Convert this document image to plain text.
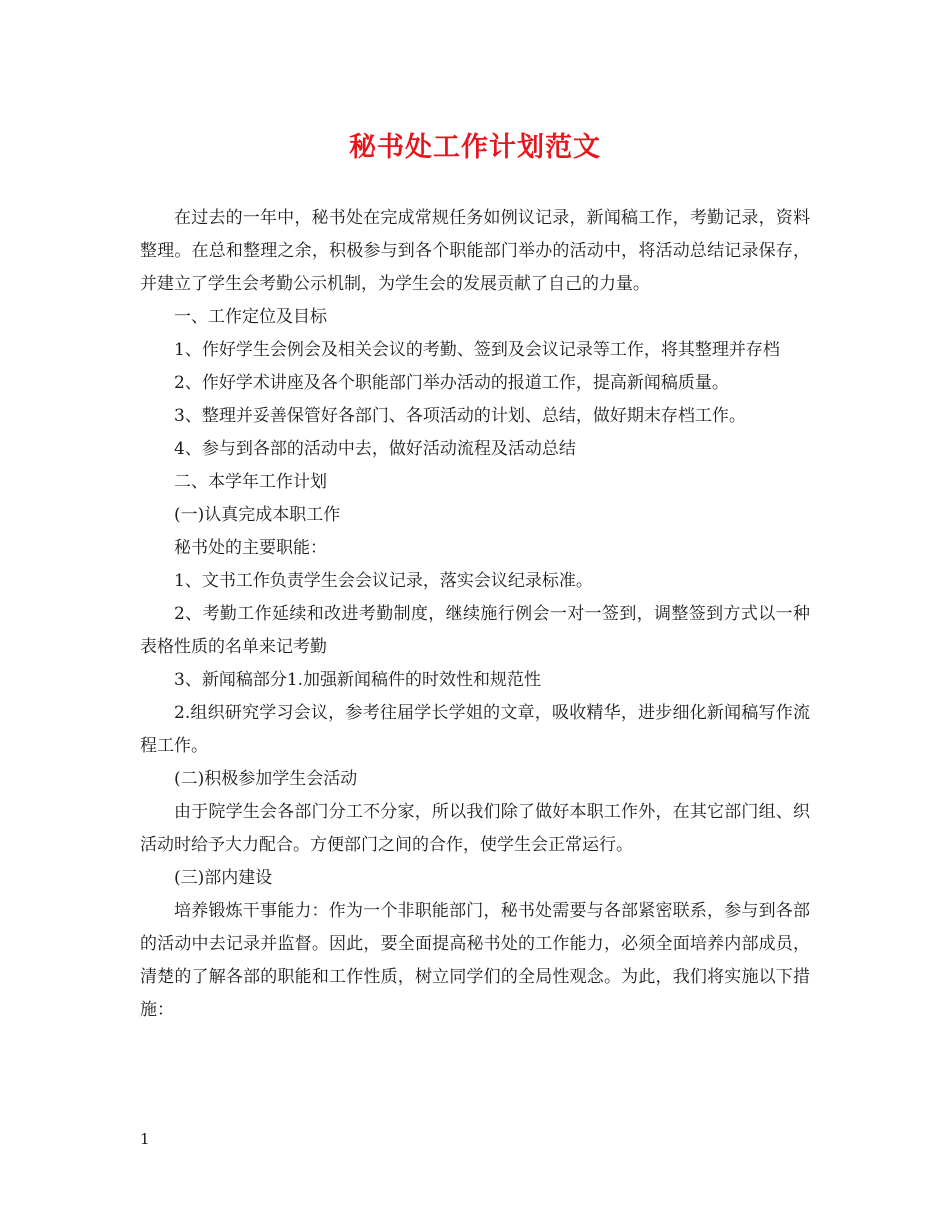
秘书处工作计划范文

在过去的一年中，秘书处在完成常规任务如例议记录，新闻稿工作，考勤记录，资料整理。在总和整理之余，积极参与到各个职能部门举办的活动中，将活动总结记录保存，并建立了学生会考勤公示机制，为学生会的发展贡献了自己的力量。

一、工作定位及目标

1、作好学生会例会及相关会议的考勤、签到及会议记录等工作，将其整理并存档

2、作好学术讲座及各个职能部门举办活动的报道工作，提高新闻稿质量。

3、整理并妥善保管好各部门、各项活动的计划、总结，做好期末存档工作。

4、参与到各部的活动中去，做好活动流程及活动总结

二、本学年工作计划

(一)认真完成本职工作

秘书处的主要职能：

1、文书工作负责学生会会议记录，落实会议纪录标准。

2、考勤工作延续和改进考勤制度，继续施行例会一对一签到，调整签到方式以一种表格性质的名单来记考勤

3、新闻稿部分1.加强新闻稿件的时效性和规范性

2.组织研究学习会议，参考往届学长学姐的文章，吸收精华，进步细化新闻稿写作流程工作。

(二)积极参加学生会活动

由于院学生会各部门分工不分家，所以我们除了做好本职工作外，在其它部门组、织活动时给予大力配合。方便部门之间的合作，使学生会正常运行。

(三)部内建设

培养锻炼干事能力：作为一个非职能部门，秘书处需要与各部紧密联系，参与到各部的活动中去记录并监督。因此，要全面提高秘书处的工作能力，必须全面培养内部成员，清楚的了解各部的职能和工作性质，树立同学们的全局性观念。为此，我们将实施以下措施：

1
